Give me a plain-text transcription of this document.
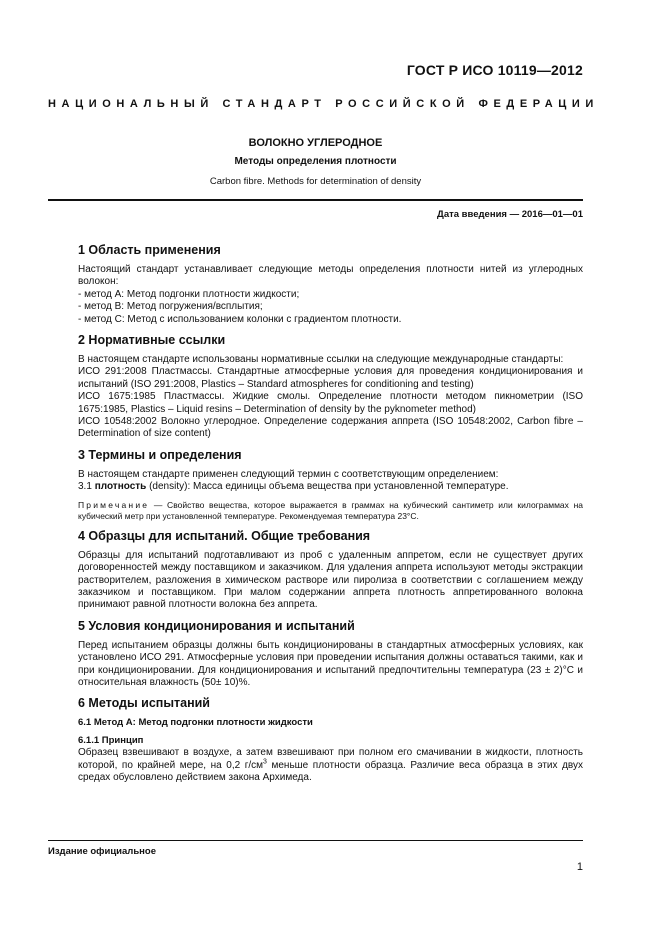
ГОСТ Р ИСО 10119—2012
НАЦИОНАЛЬНЫЙ СТАНДАРТ РОССИЙСКОЙ ФЕДЕРАЦИИ
ВОЛОКНО УГЛЕРОДНОЕ
Методы определения плотности
Carbon fibre. Methods for determination of density
Дата введения — 2016—01—01
1 Область применения

Настоящий стандарт устанавливает следующие методы определения плотности нитей из углеродных волокон:

- метод А: Метод подгонки плотности жидкости;

- метод В: Метод погружения/всплытия;

- метод С: Метод с использованием колонки с градиентом плотности.

2 Нормативные ссылки

В настоящем стандарте использованы нормативные ссылки на следующие международные стандарты:

ИСО 291:2008 Пластмассы. Стандартные атмосферные условия для проведения кондиционирования и испытаний (ISO 291:2008, Plastics – Standard atmospheres for conditioning and testing)

ИСО 1675:1985 Пластмассы. Жидкие смолы. Определение плотности методом пикнометрии (ISO 1675:1985, Plastics – Liquid resins – Determination of density by the pyknometer method)

ИСО 10548:2002 Волокно углеродное. Определение содержания аппрета (ISO 10548:2002, Carbon fibre – Determination of size content)

3 Термины и определения

В настоящем стандарте применен следующий термин с соответствующим определением:

3.1 плотность (density): Масса единицы объема вещества при установленной температуре.

Примечание — Свойство вещества, которое выражается в граммах на кубический сантиметр или килограммах на кубический метр при установленной температуре. Рекомендуемая температура 23°С.

4 Образцы для испытаний. Общие требования

Образцы для испытаний подготавливают из проб с удаленным аппретом, если не существует других договоренностей между поставщиком и заказчиком. Для удаления аппрета используют методы экстракции растворителем, разложения в химическом растворе или пиролиза в соответствии с соглашением между заказчиком и поставщиком. При малом содержании аппрета плотность аппретированного волокна принимают равной плотности волокна без аппрета.

5 Условия кондиционирования и испытаний

Перед испытанием образцы должны быть кондиционированы в стандартных атмосферных условиях, как установлено ИСО 291. Атмосферные условия при проведении испытания должны оставаться такими, как и при кондиционировании. Для кондиционирования и испытаний предпочтительны температура (23 ± 2)°С и относительная влажность (50± 10)%.

6 Методы испытаний
6.1 Метод А: Метод подгонки плотности жидкости
6.1.1 Принцип

Образец взвешивают в воздухе, а затем взвешивают при полном его смачивании в жидкости, плотность которой, по крайней мере, на 0,2 $г/см^3$ меньше плотности образца. Различие веса образца в этих двух средах обусловлено действием закона Архимеда.

Издание официальное
1
